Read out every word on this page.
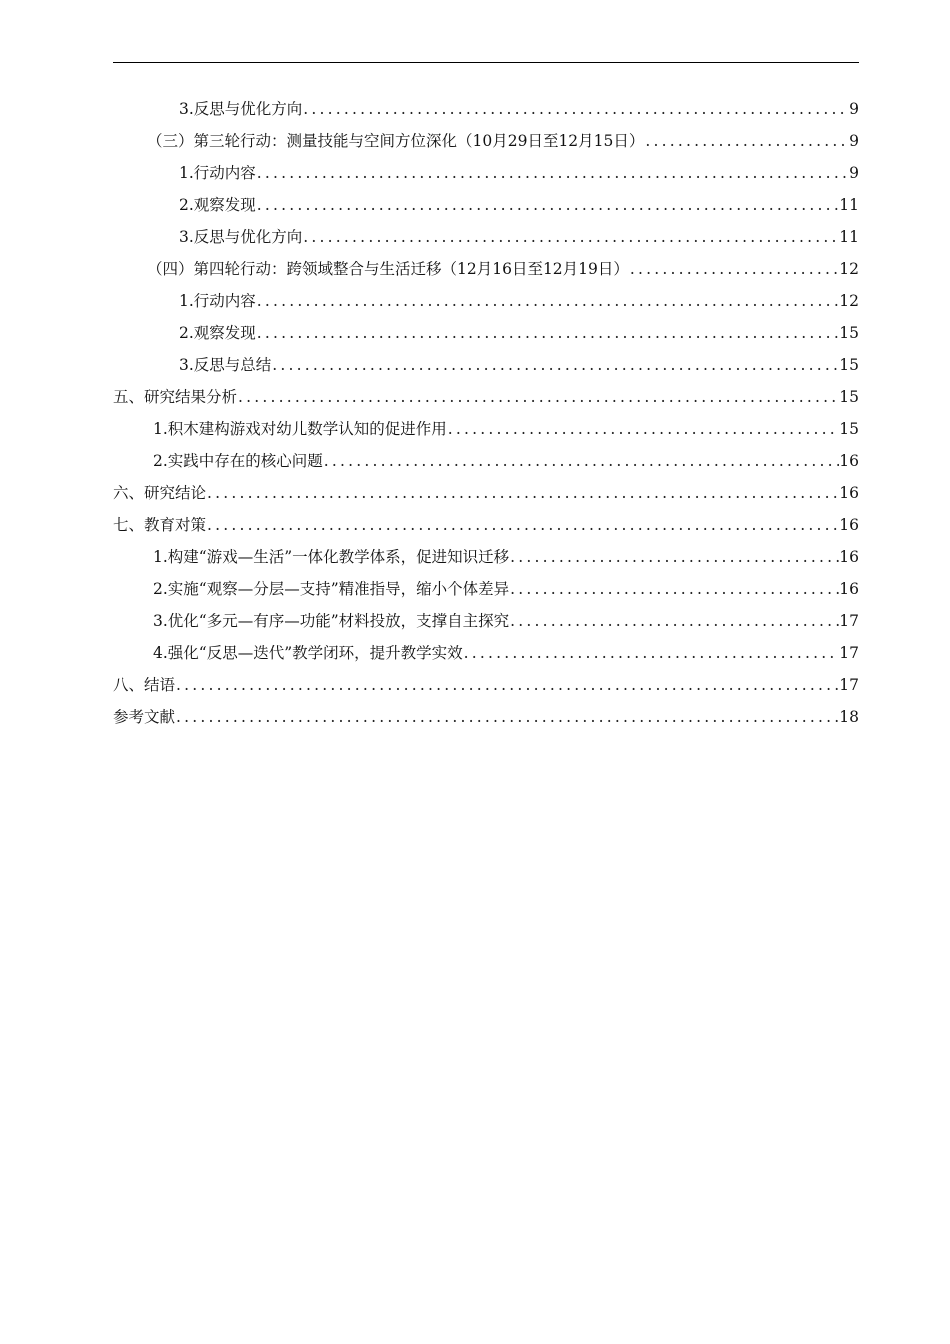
3.反思与优化方向 .....	9
（三）第三轮行动：测量技能与空间方位深化（10月29日至12月15日） .....	9
1.行动内容 .....	9
2.观察发现 .....	11
3.反思与优化方向 .....	11
（四）第四轮行动：跨领域整合与生活迁移（12月16日至12月19日） .....	12
1.行动内容 .....	12
2.观察发现 .....	15
3.反思与总结 .....	15
五、研究结果分析 .....	15
1.积木建构游戏对幼儿数学认知的促进作用 .....	15
2.实践中存在的核心问题 .....	16
六、研究结论 .....	16
七、教育对策 .....	16
1.构建“游戏—生活”一体化教学体系，促进知识迁移 .....	16
2.实施“观察—分层—支持”精准指导，缩小个体差异 .....	16
3.优化“多元—有序—功能”材料投放，支撑自主探究 .....	17
4.强化“反思—迭代”教学闭环，提升教学实效 .....	17
八、结语 .....	17
参考文献 .....	18
